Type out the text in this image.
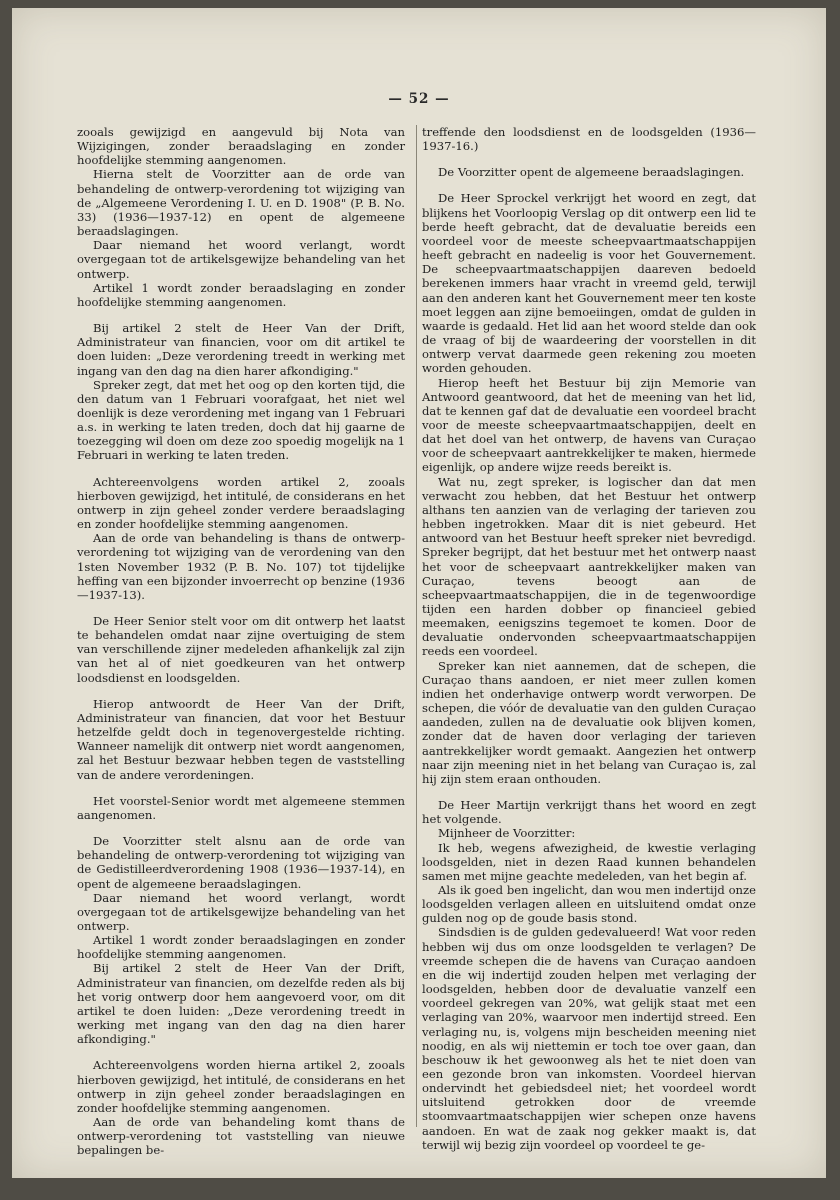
— 52 —

zooals gewijzigd en aangevuld bij Nota van Wijzigingen, zonder beraadslaging en zonder hoofdelijke stemming aangenomen.

Hierna stelt de Voorzitter aan de orde van behandeling de ontwerp-verordening tot wijziging van de „Algemeene Verordening I. U. en D. 1908" (P. B. No. 33) (1936—1937-12) en opent de algemeene beraadslagingen.

Daar niemand het woord verlangt, wordt overgegaan tot de artikelsgewijze behandeling van het ontwerp.

Artikel 1 wordt zonder beraadslaging en zonder hoofdelijke stemming aangenomen.

Bij artikel 2 stelt de Heer Van der Drift, Administrateur van financien, voor om dit artikel te doen luiden: „Deze verordening treedt in werking met ingang van den dag na dien harer afkondiging."

Spreker zegt, dat met het oog op den korten tijd, die den datum van 1 Februari voorafgaat, het niet wel doenlijk is deze verordening met ingang van 1 Februari a.s. in werking te laten treden, doch dat hij gaarne de toezegging wil doen om deze zoo spoedig mogelijk na 1 Februari in werking te laten treden.

Achtereenvolgens worden artikel 2, zooals hierboven gewijzigd, het intitulé, de considerans en het ontwerp in zijn geheel zonder verdere beraadslaging en zonder hoofdelijke stemming aangenomen.

Aan de orde van behandeling is thans de ontwerp-verordening tot wijziging van de verordening van den 1sten November 1932 (P. B. No. 107) tot tijdelijke heffing van een bijzonder invoerrecht op benzine (1936—1937-13).

De Heer Senior stelt voor om dit ontwerp het laatst te behandelen omdat naar zijne overtuiging de stem van verschillende zijner medeleden afhankelijk zal zijn van het al of niet goedkeuren van het ontwerp loodsdienst en loodsgelden.

Hierop antwoordt de Heer Van der Drift, Administrateur van financien, dat voor het Bestuur hetzelfde geldt doch in tegenovergestelde richting. Wanneer namelijk dit ontwerp niet wordt aangenomen, zal het Bestuur bezwaar hebben tegen de vaststelling van de andere verordeningen.

Het voorstel-Senior wordt met algemeene stemmen aangenomen.

De Voorzitter stelt alsnu aan de orde van behandeling de ontwerp-verordening tot wijziging van de Gedistilleerdverordening 1908 (1936—1937-14), en opent de algemeene beraadslagingen.

Daar niemand het woord verlangt, wordt overgegaan tot de artikelsgewijze behandeling van het ontwerp.

Artikel 1 wordt zonder beraadslagingen en zonder hoofdelijke stemming aangenomen.

Bij artikel 2 stelt de Heer Van der Drift, Administrateur van financien, om dezelfde reden als bij het vorig ontwerp door hem aangevoerd voor, om dit artikel te doen luiden: „Deze verordening treedt in werking met ingang van den dag na dien harer afkondiging."

Achtereenvolgens worden hierna artikel 2, zooals hierboven gewijzigd, het intitulé, de considerans en het ontwerp in zijn geheel zonder beraadslagingen en zonder hoofdelijke stemming aangenomen.

Aan de orde van behandeling komt thans de ontwerp-verordening tot vaststelling van nieuwe bepalingen be-

treffende den loodsdienst en de loodsgelden (1936—1937-16.)

De Voorzitter opent de algemeene beraadslagingen.

De Heer Sprockel verkrijgt het woord en zegt, dat blijkens het Voorloopig Verslag op dit ontwerp een lid te berde heeft gebracht, dat de devaluatie bereids een voordeel voor de meeste scheepvaartmaatschappijen heeft gebracht en nadeelig is voor het Gouvernement. De scheepvaartmaatschappijen daareven bedoeld berekenen immers haar vracht in vreemd geld, terwijl aan den anderen kant het Gouvernement meer ten koste moet leggen aan zijne bemoeiingen, omdat de gulden in waarde is gedaald. Het lid aan het woord stelde dan ook de vraag of bij de waardeering der voorstellen in dit ontwerp vervat daarmede geen rekening zou moeten worden gehouden.

Hierop heeft het Bestuur bij zijn Memorie van Antwoord geantwoord, dat het de meening van het lid, dat te kennen gaf dat de devaluatie een voordeel bracht voor de meeste scheepvaartmaatschappijen, deelt en dat het doel van het ontwerp, de havens van Curaçao voor de scheepvaart aantrekkelijker te maken, hiermede eigenlijk, op andere wijze reeds bereikt is.

Wat nu, zegt spreker, is logischer dan dat men verwacht zou hebben, dat het Bestuur het ontwerp althans ten aanzien van de verlaging der tarieven zou hebben ingetrokken. Maar dit is niet gebeurd. Het antwoord van het Bestuur heeft spreker niet bevredigd. Spreker begrijpt, dat het bestuur met het ontwerp naast het voor de scheepvaart aantrekkelijker maken van Curaçao, tevens beoogt aan de scheepvaartmaatschappijen, die in de tegenwoordige tijden een harden dobber op financieel gebied meemaken, eenigszins tegemoet te komen. Door de devaluatie ondervonden scheepvaartmaatschappijen reeds een voordeel.

Spreker kan niet aannemen, dat de schepen, die Curaçao thans aandoen, er niet meer zullen komen indien het onderhavige ontwerp wordt verworpen. De schepen, die vóór de devaluatie van den gulden Curaçao aandeden, zullen na de devaluatie ook blijven komen, zonder dat de haven door verlaging der tarieven aantrekkelijker wordt gemaakt. Aangezien het ontwerp naar zijn meening niet in het belang van Curaçao is, zal hij zijn stem eraan onthouden.

De Heer Martijn verkrijgt thans het woord en zegt het volgende.

Mijnheer de Voorzitter:

Ik heb, wegens afwezigheid, de kwestie verlaging loodsgelden, niet in dezen Raad kunnen behandelen samen met mijne geachte medeleden, van het begin af.

Als ik goed ben ingelicht, dan wou men indertijd onze loodsgelden verlagen alleen en uitsluitend omdat onze gulden nog op de goude basis stond.

Sindsdien is de gulden gedevalueerd! Wat voor reden hebben wij dus om onze loodsgelden te verlagen? De vreemde schepen die de havens van Curaçao aandoen en die wij indertijd zouden helpen met verlaging der loodsgelden, hebben door de devaluatie vanzelf een voordeel gekregen van 20%, wat gelijk staat met een verlaging van 20%, waarvoor men indertijd streed. Een verlaging nu, is, volgens mijn bescheiden meening niet noodig, en als wij niettemin er toch toe over gaan, dan beschouw ik het gewoonweg als het te niet doen van een gezonde bron van inkomsten. Voordeel hiervan ondervindt het gebiedsdeel niet; het voordeel wordt uitsluitend getrokken door de vreemde stoomvaartmaatschappijen wier schepen onze havens aandoen. En wat de zaak nog gekker maakt is, dat terwijl wij bezig zijn voordeel op voordeel te ge-
